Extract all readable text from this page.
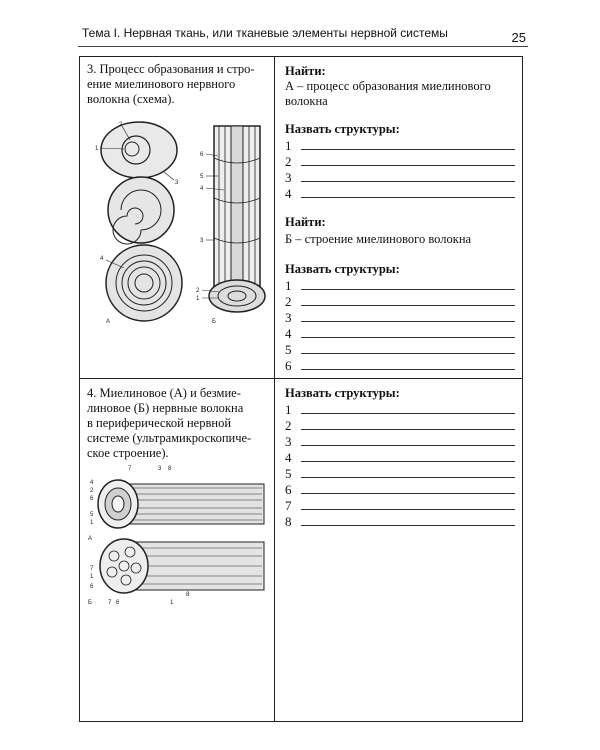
Тема I. Нервная ткань, или тканевые элементы нервной системы	25
3. Процесс образования и стро-
ение миелинового нервного
волокна (схема).
1
2
3
4
А
6
5
4
3
2
1
Б
Найти:
А – процесс образования миелинового
волокна
Назвать структуры:
1
2
3
4
Найти:
Б – строение миелинового волокна
Назвать структуры:
1
2
3
4
5
6
4. Миелиновое (А) и безмие-
линовое (Б) нервные волокна
в периферической нервной
системе (ультрамикроскопиче-
ское строение).
7	3 8
4
2
6
5
1
А
7
1
6
Б	7 6	1
8
Назвать структуры:
1
2
3
4
5
6
7
8
